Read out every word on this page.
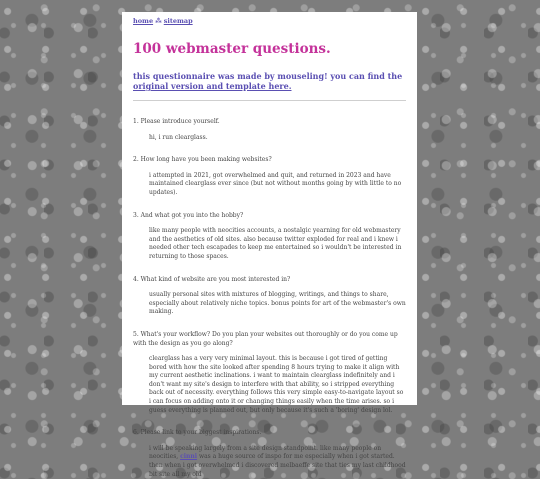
home ⁂ sitemap
100 webmaster questions.

this questionnaire was made by mouseling! you can find the original version and template here.

1. Please introduce yourself.
hi, i run clearglass.
2. How long have you been making websites?
i attempted in 2021, got overwhelmed and quit, and returned in 2023 and have maintained clearglass ever since (but not without months going by with little to no updates).
3. And what got you into the hobby?
like many people with neocities accounts, a nostalgic yearning for old webmastery and the aesthetics of old sites. also because twitter exploded for real and i knew i needed other tech escapades to keep me entertained so i wouldn't be interested in returning to those spaces.
4. What kind of website are you most interested in?
usually personal sites with mixtures of blogging, writings, and things to share, especially about relatively niche topics. bonus points for art of the webmaster's own making.
5. What's your workflow? Do you plan your websites out thoroughly or do you come up with the design as you go along?
clearglass has a very very minimal layout. this is because i got tired of getting bored with how the site looked after spending 8 hours trying to make it align with my current aesthetic inclinations. i want to maintain clearglass indefinitely and i don't want my site's design to interfere with that ability, so i stripped everything back out of necessity. everything follows this very simple easy-to-navigate layout so i can focus on adding onto it or changing things easily when the time arises. so i guess everything is planned out, but only because it's such a 'boring' design lol.
6. Please link to your biggest inspirations.
i will be speaking largely from a site design standpoint. like many people on neocities, cinni was a huge source of inspo for me especially when i got started. then when i got overwhelmed i discovered melbaeffe site that ties my last childhood bit site all my old
